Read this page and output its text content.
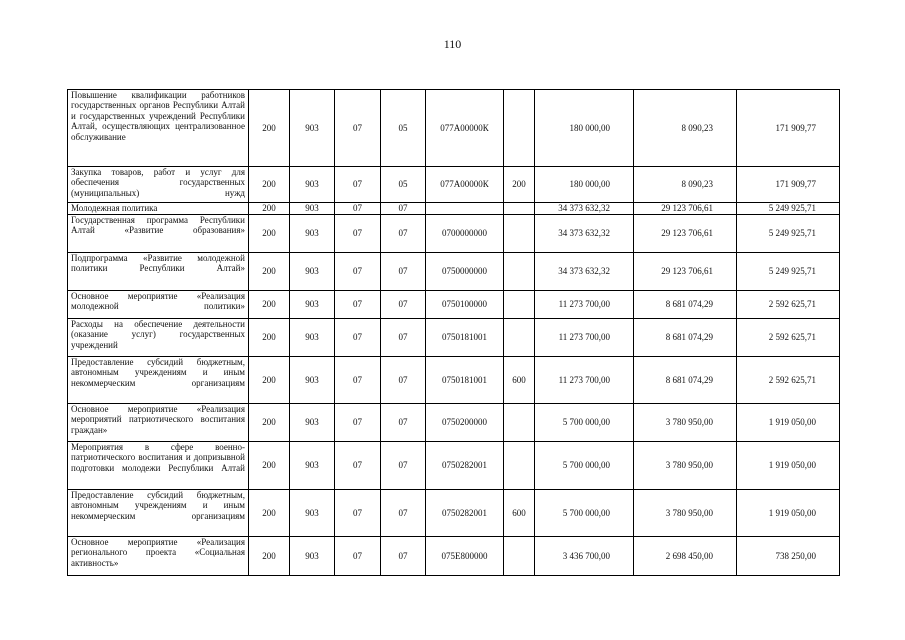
110
Повышение квалификации работников государственных органов Республики Алтай и государственных учреждений Республики Алтай, осуществляющих централизованное обслуживание	200	903	07	05	077А00000К		180 000,00	8 090,23	171 909,77
Закупка товаров, работ и услуг для обеспечения государственных (муниципальных) нужд	200	903	07	05	077А00000К	200	180 000,00	8 090,23	171 909,77
Молодежная политика	200	903	07	07			34 373 632,32	29 123 706,61	5 249 925,71
Государственная программа Республики Алтай «Развитие образования»	200	903	07	07	0700000000		34 373 632,32	29 123 706,61	5 249 925,71
Подпрограмма «Развитие молодежной политики Республики Алтай»	200	903	07	07	0750000000		34 373 632,32	29 123 706,61	5 249 925,71
Основное мероприятие «Реализация молодежной политики»	200	903	07	07	0750100000		11 273 700,00	8 681 074,29	2 592 625,71
Расходы на обеспечение деятельности (оказание услуг) государственных учреждений	200	903	07	07	0750181001		11 273 700,00	8 681 074,29	2 592 625,71
Предоставление субсидий бюджетным, автономным учреждениям и иным некоммерческим организациям	200	903	07	07	0750181001	600	11 273 700,00	8 681 074,29	2 592 625,71
Основное мероприятие «Реализация мероприятий патриотического воспитания граждан»	200	903	07	07	0750200000		5 700 000,00	3 780 950,00	1 919 050,00
Мероприятия в сфере военно-патриотического воспитания и допризывной подготовки молодежи Республики Алтай	200	903	07	07	0750282001		5 700 000,00	3 780 950,00	1 919 050,00
Предоставление субсидий бюджетным, автономным учреждениям и иным некоммерческим организациям	200	903	07	07	0750282001	600	5 700 000,00	3 780 950,00	1 919 050,00
Основное мероприятие «Реализация регионального проекта «Социальная активность»	200	903	07	07	075E800000		3 436 700,00	2 698 450,00	738 250,00
